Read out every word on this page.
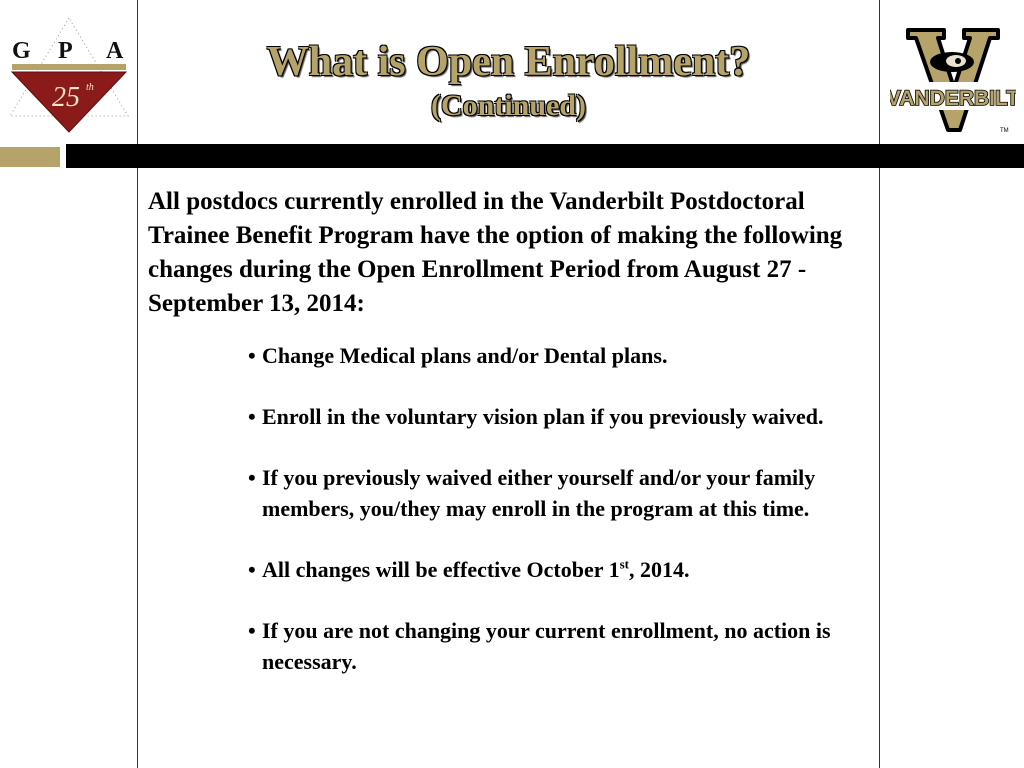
25 th
G P A
VANDERBILT
TM
What is Open Enrollment?
(Continued)
All postdocs currently enrolled in the Vanderbilt Postdoctoral Trainee Benefit Program have the option of making the following changes during the Open Enrollment Period from August 27 - September 13, 2014:
• Change Medical plans and/or Dental plans.
• Enroll in the voluntary vision plan if you previously waived.
• If you previously waived either yourself and/or your family members, you/they may enroll in the program at this time.
• All changes will be effective October 1st, 2014.
• If you are not changing your current enrollment, no action is necessary.
